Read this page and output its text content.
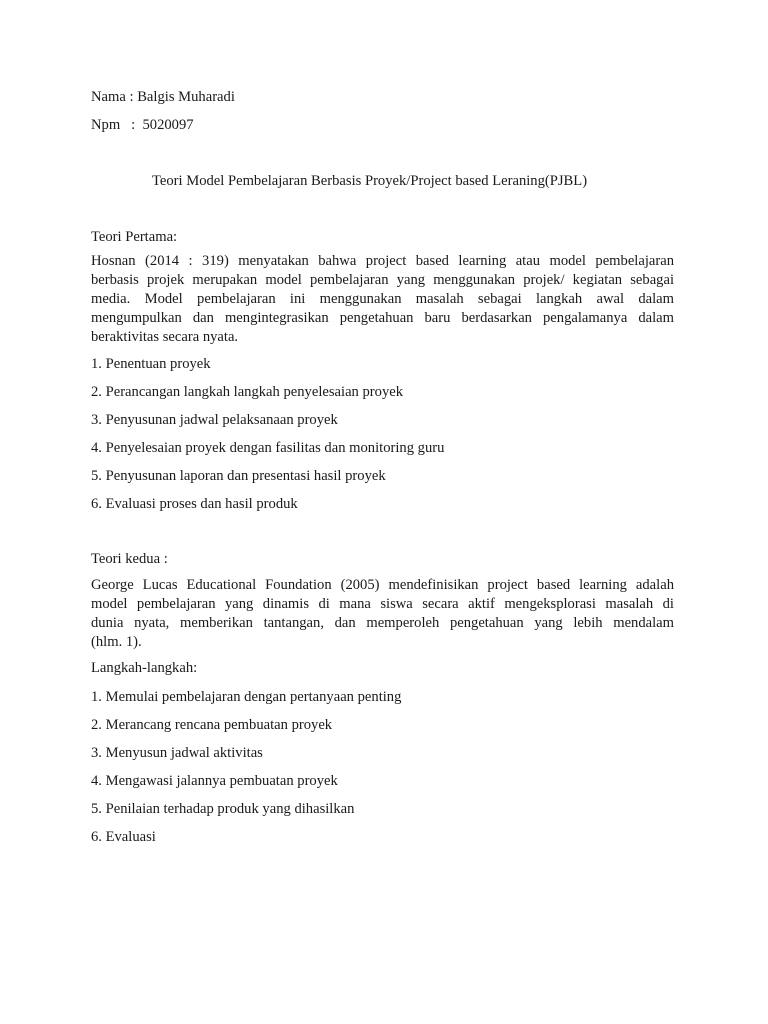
Nama : Balgis Muharadi
Npm   :  5020097
Teori Model Pembelajaran Berbasis Proyek/Project based Leraning(PJBL)
Teori Pertama:
Hosnan (2014 : 319) menyatakan bahwa project based learning atau model pembelajaran
berbasis projek merupakan model pembelajaran yang menggunakan projek/ kegiatan sebagai
media. Model pembelajaran ini menggunakan masalah sebagai langkah awal dalam
mengumpulkan dan mengintegrasikan pengetahuan baru berdasarkan pengalamanya dalam
beraktivitas secara nyata.
1. Penentuan proyek
2. Perancangan langkah langkah penyelesaian proyek
3. Penyusunan jadwal pelaksanaan proyek
4. Penyelesaian proyek dengan fasilitas dan monitoring guru
5. Penyusunan laporan dan presentasi hasil proyek
6. Evaluasi proses dan hasil produk
Teori kedua :
George Lucas Educational Foundation (2005) mendefinisikan project based learning adalah
model pembelajaran yang dinamis di mana siswa secara aktif mengeksplorasi masalah di
dunia nyata, memberikan tantangan, dan memperoleh pengetahuan yang lebih mendalam
(hlm. 1).
Langkah-langkah:
1. Memulai pembelajaran dengan pertanyaan penting
2. Merancang rencana pembuatan proyek
3. Menyusun jadwal aktivitas
4. Mengawasi jalannya pembuatan proyek
5. Penilaian terhadap produk yang dihasilkan
6. Evaluasi
